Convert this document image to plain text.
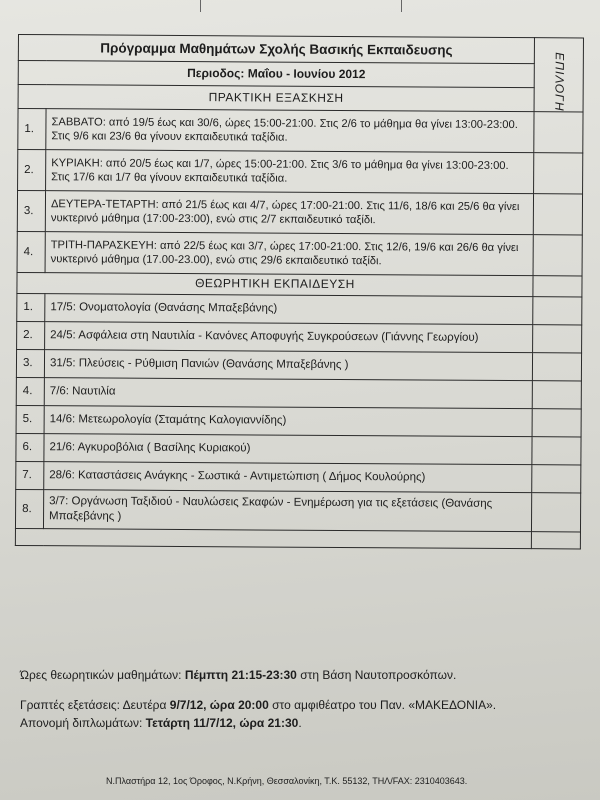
Πρόγραμμα Μαθημάτων Σχολής Βασικής Εκπαιδευσης		ΕΠΙΛΟΓΗ

Περιοδος: Μαΐου - Ιουνίου 2012		
ΠΡΑΚΤΙΚΗ ΕΞΑΣΚΗΣΗ		
1.	ΣΑΒΒΑΤΟ: από 19/5 έως και 30/6, ώρες 15:00-21:00. Στις 2/6 το μάθημα θα γίνει 13:00-23:00. Στις 9/6 και 23/6 θα γίνουν εκπαιδευτικά ταξίδια.	
2.	ΚΥΡΙΑΚΗ: από 20/5 έως και 1/7, ώρες 15:00-21:00. Στις 3/6 το μάθημα θα γίνει 13:00-23:00. Στις 17/6 και 1/7 θα γίνουν εκπαιδευτικά ταξίδια.	
3.	ΔΕΥΤΕΡΑ-ΤΕΤΑΡΤΗ: από 21/5 έως και 4/7, ώρες 17:00-21:00. Στις 11/6, 18/6 και 25/6 θα γίνει νυκτερινό μάθημα (17:00-23:00), ενώ στις 2/7 εκπαιδευτικό ταξίδι.	
4.	ΤΡΙΤΗ-ΠΑΡΑΣΚΕΥΗ: από 22/5 έως και 3/7, ώρες 17:00-21:00. Στις 12/6, 19/6 και 26/6 θα γίνει νυκτερινό μάθημα (17.00-23.00), ενώ στις 29/6 εκπαιδευτικό ταξίδι.	
ΘΕΩΡΗΤΙΚΗ ΕΚΠΑΙΔΕΥΣΗ		
1.	17/5: Ονοματολογία (Θανάσης Μπαξεβάνης)	
2.	24/5: Ασφάλεια στη Ναυτιλία - Κανόνες Αποφυγής Συγκρούσεων (Γιάννης Γεωργίου)	
3.	31/5: Πλεύσεις - Ρύθμιση Πανιών (Θανάσης Μπαξεβάνης )	
4.	7/6: Ναυτιλία	
5.	14/6: Μετεωρολογία (Σταμάτης Καλογιαννίδης)	
6.	21/6: Αγκυροβόλια ( Βασίλης Κυριακού)	
7.	28/6: Καταστάσεις Ανάγκης - Σωστικά - Αντιμετώπιση ( Δήμος Κουλούρης)	
8.	3/7: Οργάνωση Ταξιδιού - Ναυλώσεις Σκαφών - Ενημέρωση για τις εξετάσεις (Θανάσης Μπαξεβάνης )	

Ώρες θεωρητικών μαθημάτων: Πέμπτη 21:15-23:30 στη Βάση Ναυτοπροσκόπων.
Γραπτές εξετάσεις: Δευτέρα 9/7/12, ώρα 20:00 στο αμφιθέατρο του Παν. «ΜΑΚΕΔΟΝΙΑ».
Απονομή διπλωμάτων: Τετάρτη 11/7/12, ώρα 21:30.
Ν.Πλαστήρα 12, 1ος Όροφος, Ν.Κρήνη, Θεσσαλονίκη, Τ.Κ. 55132, ΤΗΛ/FAX: 2310403643.
